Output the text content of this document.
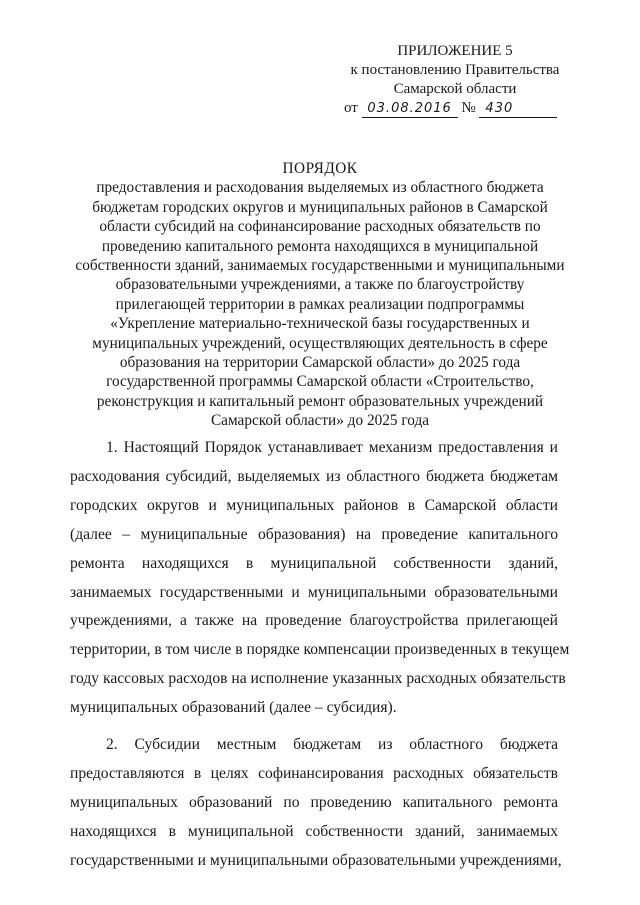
ПРИЛОЖЕНИЕ 5
к постановлению Правительства
Самарской области
от 03.08.2016 № 430
ПОРЯДОК
предоставления и расходования выделяемых из областного бюджета
бюджетам городских округов и муниципальных районов в Самарской
области субсидий на софинансирование расходных обязательств по
проведению капитального ремонта находящихся в муниципальной
собственности зданий, занимаемых государственными и муниципальными
образовательными учреждениями, а также по благоустройству
прилегающей территории в рамках реализации подпрограммы
«Укрепление материально-технической базы государственных и
муниципальных учреждений, осуществляющих деятельность в сфере
образования на территории Самарской области» до 2025 года
государственной программы Самарской области «Строительство,
реконструкция и капитальный ремонт образовательных учреждений
Самарской области» до 2025 года
1. Настоящий Порядок устанавливает механизм предоставления и
расходования субсидий, выделяемых из областного бюджета бюджетам
городских округов и муниципальных районов в Самарской области
(далее – муниципальные образования) на проведение капитального
ремонта находящихся в муниципальной собственности зданий,
занимаемых государственными и муниципальными образовательными
учреждениями, а также на проведение благоустройства прилегающей
территории, в том числе в порядке компенсации произведенных в текущем
году кассовых расходов на исполнение указанных расходных обязательств
муниципальных образований (далее – субсидия).
2. Субсидии местным бюджетам из областного бюджета
предоставляются в целях софинансирования расходных обязательств
муниципальных образований по проведению капитального ремонта
находящихся в муниципальной собственности зданий, занимаемых
государственными и муниципальными образовательными учреждениями,
